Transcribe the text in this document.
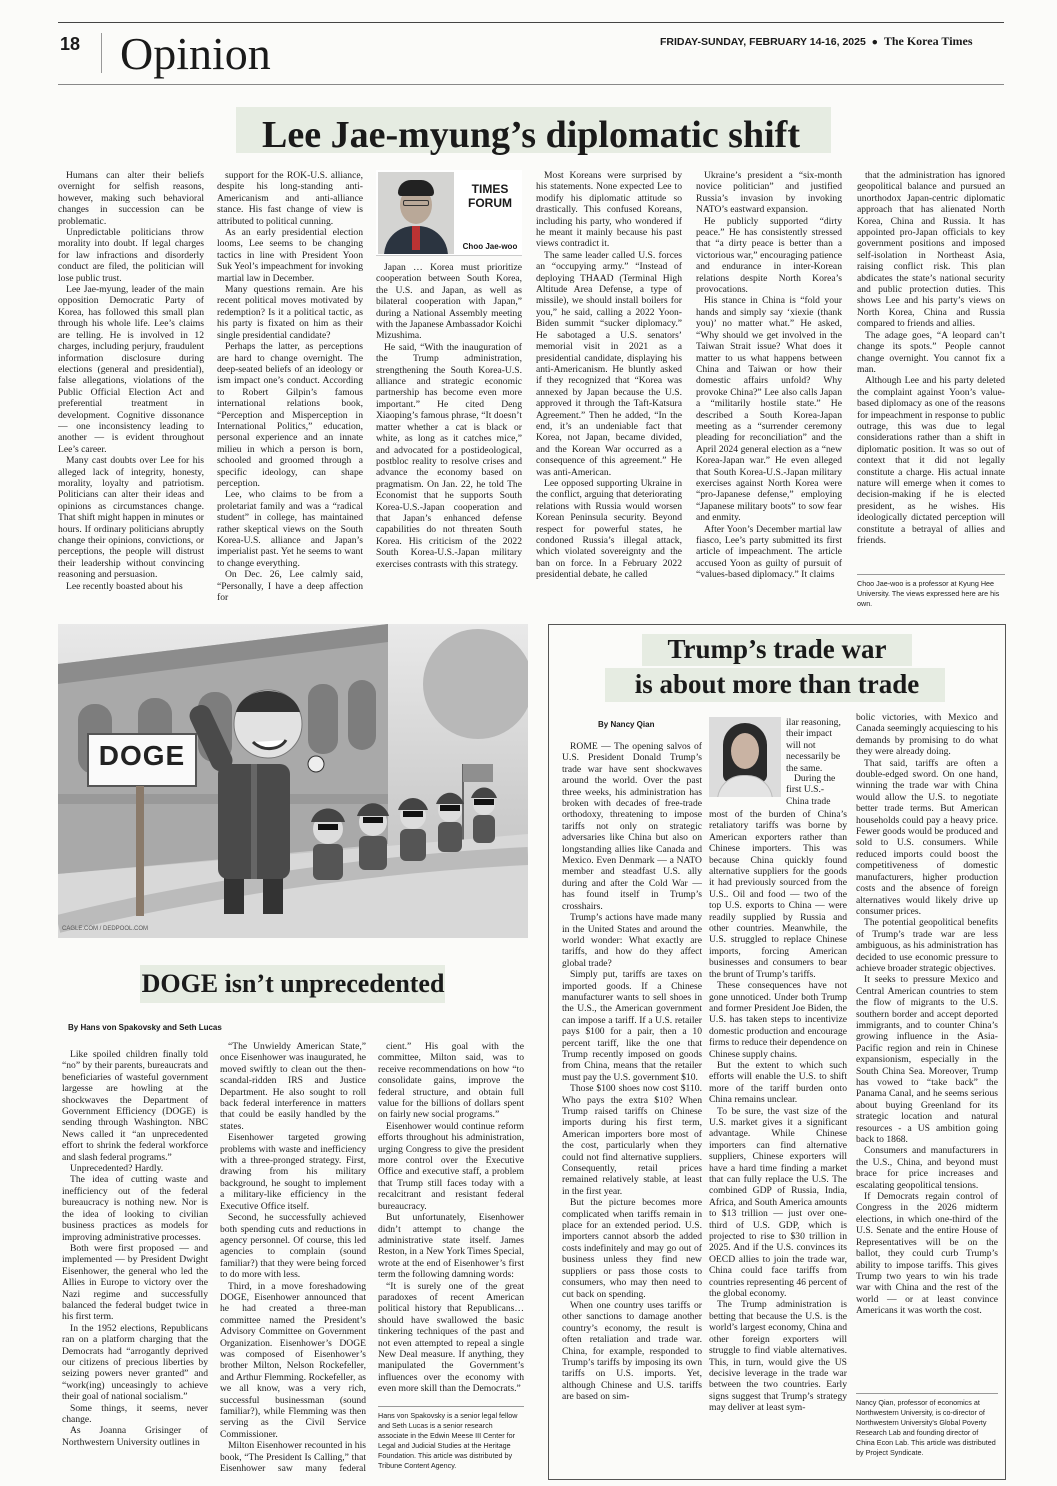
18 Opinion	FRIDAY-SUNDAY, FEBRUARY 14-16, 2025  ●  The Korea Times

Lee Jae-myung’s diplomatic shift

Humans can alter their beliefs overnight for selfish reasons, however, making such behavioral changes in succession can be problematic.

Unpredictable politicians throw morality into doubt. If legal charges for law infractions and disorderly conduct are filed, the politician will lose public trust.

Lee Jae-myung, leader of the main opposition Democratic Party of Korea, has followed this small plan through his whole life. Lee’s claims are telling. He is involved in 12 charges, including perjury, fraudulent information disclosure during elections (general and presidential), false allegations, violations of the Public Official Election Act and preferential treatment in development. Cognitive dissonance — one inconsistency leading to another — is evident throughout Lee’s career.

Many cast doubts over Lee for his alleged lack of integrity, honesty, morality, loyalty and patriotism. Politicians can alter their ideas and opinions as circumstances change. That shift might happen in minutes or hours. If ordinary politicians abruptly change their opinions, convictions, or perceptions, the people will distrust their leadership without convincing reasoning and persuasion.

Lee recently boasted about his

support for the ROK-U.S. alliance, despite his long-standing anti-Americanism and anti-alliance stance. His fast change of view is attributed to political cunning.

As an early presidential election looms, Lee seems to be changing tactics in line with President Yoon Suk Yeol’s impeachment for invoking martial law in December.

Many questions remain. Are his recent political moves motivated by redemption? Is it a political tactic, as his party is fixated on him as their single presidential candidate?

Perhaps the latter, as perceptions are hard to change overnight. The deep-seated beliefs of an ideology or ism impact one’s conduct. According to Robert Gilpin’s famous international relations book, “Perception and Misperception in International Politics,” education, personal experience and an innate milieu in which a person is born, schooled and groomed through a specific ideology, can shape perception.

Lee, who claims to be from a proletariat family and was a “radical student” in college, has maintained rather skeptical views on the South Korea-U.S. alliance and Japan’s imperialist past. Yet he seems to want to change everything.

On Dec. 26, Lee calmly said, “Personally, I have a deep affection for

TIMES FORUM
Choo Jae-woo

Japan … Korea must prioritize cooperation between South Korea, the U.S. and Japan, as well as bilateral cooperation with Japan,” during a National Assembly meeting with the Japanese Ambassador Koichi Mizushima.

He said, “With the inauguration of the Trump administration, strengthening the South Korea-U.S. alliance and strategic economic partnership has become even more important.” He cited Deng Xiaoping’s famous phrase, “It doesn’t matter whether a cat is black or white, as long as it catches mice,” and advocated for a postideological, postbloc reality to resolve crises and advance the economy based on pragmatism. On Jan. 22, he told The Economist that he supports South Korea-U.S.-Japan cooperation and that Japan’s enhanced defense capabilities do not threaten South Korea. His criticism of the 2022 South Korea-U.S.-Japan military exercises contrasts with this strategy.

Most Koreans were surprised by his statements. None expected Lee to modify his diplomatic attitude so drastically. This confused Koreans, including his party, who wondered if he meant it mainly because his past views contradict it.

The same leader called U.S. forces an “occupying army.” “Instead of deploying THAAD (Terminal High Altitude Area Defense, a type of missile), we should install boilers for you,” he said, calling a 2022 Yoon-Biden summit “sucker diplomacy.” He sabotaged a U.S. senators’ memorial visit in 2021 as a presidential candidate, displaying his anti-Americanism. He bluntly asked if they recognized that “Korea was annexed by Japan because the U.S. approved it through the Taft-Katsura Agreement.” Then he added, “In the end, it’s an undeniable fact that Korea, not Japan, became divided, and the Korean War occurred as a consequence of this agreement.” He was anti-American.

Lee opposed supporting Ukraine in the conflict, arguing that deteriorating relations with Russia would worsen Korean Peninsula security. Beyond respect for powerful states, he condoned Russia’s illegal attack, which violated sovereignty and the ban on force. In a February 2022 presidential debate, he called

Ukraine’s president a “six-month novice politician” and justified Russia’s invasion by invoking NATO’s eastward expansion.

He publicly supported “dirty peace.” He has consistently stressed that “a dirty peace is better than a victorious war,” encouraging patience and endurance in inter-Korean relations despite North Korea’s provocations.

His stance in China is “fold your hands and simply say ‘xiexie (thank you)’ no matter what.” He asked, “Why should we get involved in the Taiwan Strait issue? What does it matter to us what happens between China and Taiwan or how their domestic affairs unfold? Why provoke China?” Lee also calls Japan a “militarily hostile state.” He described a South Korea-Japan meeting as a “surrender ceremony pleading for reconciliation” and the April 2024 general election as a “new Korea-Japan war.” He even alleged that South Korea-U.S.-Japan military exercises against North Korea were “pro-Japanese defense,” employing “Japanese military boots” to sow fear and enmity.

After Yoon’s December martial law fiasco, Lee’s party submitted its first article of impeachment. The article accused Yoon as guilty of pursuit of “values-based diplomacy.” It claims

that the administration has ignored geopolitical balance and pursued an unorthodox Japan-centric diplomatic approach that has alienated North Korea, China and Russia. It has appointed pro-Japan officials to key government positions and imposed self-isolation in Northeast Asia, raising conflict risk. This plan abdicates the state’s national security and public protection duties. This shows Lee and his party’s views on North Korea, China and Russia compared to friends and allies.

The adage goes, “A leopard can’t change its spots.” People cannot change overnight. You cannot fix a man.

Although Lee and his party deleted the complaint against Yoon’s value-based diplomacy as one of the reasons for impeachment in response to public outrage, this was due to legal considerations rather than a shift in diplomatic position. It was so out of context that it did not legally constitute a charge. His actual innate nature will emerge when it comes to decision-making if he is elected president, as he wishes. His ideologically dictated perception will constitute a betrayal of allies and friends.

Choo Jae-woo is a professor at Kyung Hee University. The views expressed here are his own.
DOGE
CAGLE.COM / DEDPOOL.COM
DOGE isn’t unprecedented
By Hans von Spakovsky and Seth Lucas

Like spoiled children finally told “no” by their parents, bureaucrats and beneficiaries of wasteful government largesse are howling at the shockwaves the Department of Government Efficiency (DOGE) is sending through Washington. NBC News called it “an unprecedented effort to shrink the federal workforce and slash federal programs.”

Unprecedented? Hardly.

The idea of cutting waste and inefficiency out of the federal bureaucracy is nothing new. Nor is the idea of looking to civilian business practices as models for improving administrative processes.

Both were first proposed — and implemented — by President Dwight Eisenhower, the general who led the Allies in Europe to victory over the Nazi regime and successfully balanced the federal budget twice in his first term.

In the 1952 elections, Republicans ran on a platform charging that the Democrats had “arrogantly deprived our citizens of precious liberties by seizing powers never granted” and “work(ing) unceasingly to achieve their goal of national socialism.”

Some things, it seems, never change.

As Joanna Grisinger of Northwestern University outlines in

“The Unwieldy American State,” once Eisenhower was inaugurated, he moved swiftly to clean out the then-scandal-ridden IRS and Justice Department. He also sought to roll back federal interference in matters that could be easily handled by the states.

Eisenhower targeted growing problems with waste and inefficiency with a three-pronged strategy. First, drawing from his military background, he sought to implement a military-like efficiency in the Executive Office itself.

Second, he successfully achieved both spending cuts and reductions in agency personnel. Of course, this led agencies to complain (sound familiar?) that they were being forced to do more with less.

Third, in a move foreshadowing DOGE, Eisenhower announced that he had created a three-man committee named the President’s Advisory Committee on Government Organization. Eisenhower’s DOGE was composed of Eisenhower’s brother Milton, Nelson Rockefeller, and Arthur Flemming. Rockefeller, as we all know, was a very rich, successful businessman (sound familiar?), while Flemming was then serving as the Civil Service Commissioner.

Milton Eisenhower recounted in his book, “The President Is Calling,” that Eisenhower saw many federal

cient.” His goal with the committee, Milton said, was to receive recommendations on how “to consolidate gains, improve the federal structure, and obtain full value for the billions of dollars spent on fairly new social programs.”

Eisenhower would continue reform efforts throughout his administration, urging Congress to give the president more control over the Executive Office and executive staff, a problem that Trump still faces today with a recalcitrant and resistant federal bureaucracy.

But unfortunately, Eisenhower didn’t attempt to change the administrative state itself. James Reston, in a New York Times Special, wrote at the end of Eisenhower’s first term the following damning words:

“It is surely one of the great paradoxes of recent American political history that Republicans… should have swallowed the basic tinkering techniques of the past and not even attempted to repeal a single New Deal measure. If anything, they manipulated the Government’s influences over the economy with even more skill than the Democrats.”

Hans von Spakovsky is a senior legal fellow and Seth Lucas is a senior research associate in the Edwin Meese III Center for Legal and Judicial Studies at the Heritage Foundation. This article was distributed by Tribune Content Agency.
Trump’s trade war
is about more than trade
By Nancy Qian

ROME — The opening salvos of U.S. President Donald Trump’s trade war have sent shockwaves around the world. Over the past three weeks, his administration has broken with decades of free-trade orthodoxy, threatening to impose tariffs not only on strategic adversaries like China but also on longstanding allies like Canada and Mexico. Even Denmark — a NATO member and steadfast U.S. ally during and after the Cold War — has found itself in Trump’s crosshairs.

Trump’s actions have made many in the United States and around the world wonder: What exactly are tariffs, and how do they affect global trade?

Simply put, tariffs are taxes on imported goods. If a Chinese manufacturer wants to sell shoes in the U.S., the American government can impose a tariff. If a U.S. retailer pays $100 for a pair, then a 10 percent tariff, like the one that Trump recently imposed on goods from China, means that the retailer must pay the U.S. government $10.

Those $100 shoes now cost $110. Who pays the extra $10? When Trump raised tariffs on Chinese imports during his first term, American importers bore most of the cost, particularly when they could not find alternative suppliers. Consequently, retail prices remained relatively stable, at least in the first year.

But the picture becomes more complicated when tariffs remain in place for an extended period. U.S. importers cannot absorb the added costs indefinitely and may go out of business unless they find new suppliers or pass those costs to consumers, who may then need to cut back on spending.

When one country uses tariffs or other sanctions to damage another country’s economy, the result is often retaliation and trade war. China, for example, responded to Trump’s tariffs by imposing its own tariffs on U.S. imports. Yet, although Chinese and U.S. tariffs are based on sim-

ilar reasoning, their impact will not necessarily be the same.
During the first U.S.-China trade

most of the burden of China’s retaliatory tariffs was borne by American exporters rather than Chinese importers. This was because China quickly found alternative suppliers for the goods it had previously sourced from the U.S.. Oil and food — two of the top U.S. exports to China — were readily supplied by Russia and other countries. Meanwhile, the U.S. struggled to replace Chinese imports, forcing American businesses and consumers to bear the brunt of Trump’s tariffs.

These consequences have not gone unnoticed. Under both Trump and former President Joe Biden, the U.S. has taken steps to incentivize domestic production and encourage firms to reduce their dependence on Chinese supply chains.

But the extent to which such efforts will enable the U.S. to shift more of the tariff burden onto China remains unclear.

To be sure, the vast size of the U.S. market gives it a significant advantage. While Chinese importers can find alternative suppliers, Chinese exporters will have a hard time finding a market that can fully replace the U.S. The combined GDP of Russia, India, Africa, and South America amounts to $13 trillion — just over one-third of U.S. GDP, which is projected to rise to $30 trillion in 2025. And if the U.S. convinces its OECD allies to join the trade war, China could face tariffs from countries representing 46 percent of the global economy.

The Trump administration is betting that because the U.S. is the world’s largest economy, China and other foreign exporters will struggle to find viable alternatives. This, in turn, would give the US decisive leverage in the trade war between the two countries. Early signs suggest that Trump’s strategy may deliver at least sym-

bolic victories, with Mexico and Canada seemingly acquiescing to his demands by promising to do what they were already doing.

That said, tariffs are often a double-edged sword. On one hand, winning the trade war with China would allow the U.S. to negotiate better trade terms. But American households could pay a heavy price. Fewer goods would be produced and sold to U.S. consumers. While reduced imports could boost the competitiveness of domestic manufacturers, higher production costs and the absence of foreign alternatives would likely drive up consumer prices.

The potential geopolitical benefits of Trump’s trade war are less ambiguous, as his administration has decided to use economic pressure to achieve broader strategic objectives.

It seeks to pressure Mexico and Central American countries to stem the flow of migrants to the U.S. southern border and accept deported immigrants, and to counter China’s growing influence in the Asia-Pacific region and rein in Chinese expansionism, especially in the South China Sea. Moreover, Trump has vowed to “take back” the Panama Canal, and he seems serious about buying Greenland for its strategic location and natural resources - a US ambition going back to 1868.

Consumers and manufacturers in the U.S., China, and beyond must brace for price increases and escalating geopolitical tensions.

If Democrats regain control of Congress in the 2026 midterm elections, in which one-third of the U.S. Senate and the entire House of Representatives will be on the ballot, they could curb Trump’s ability to impose tariffs. This gives Trump two years to win his trade war with China and the rest of the world — or at least convince Americans it was worth the cost.

Nancy Qian, professor of economics at Northwestern University, is co-director of Northwestern University’s Global Poverty Research Lab and founding director of China Econ Lab. This article was distributed by Project Syndicate.
